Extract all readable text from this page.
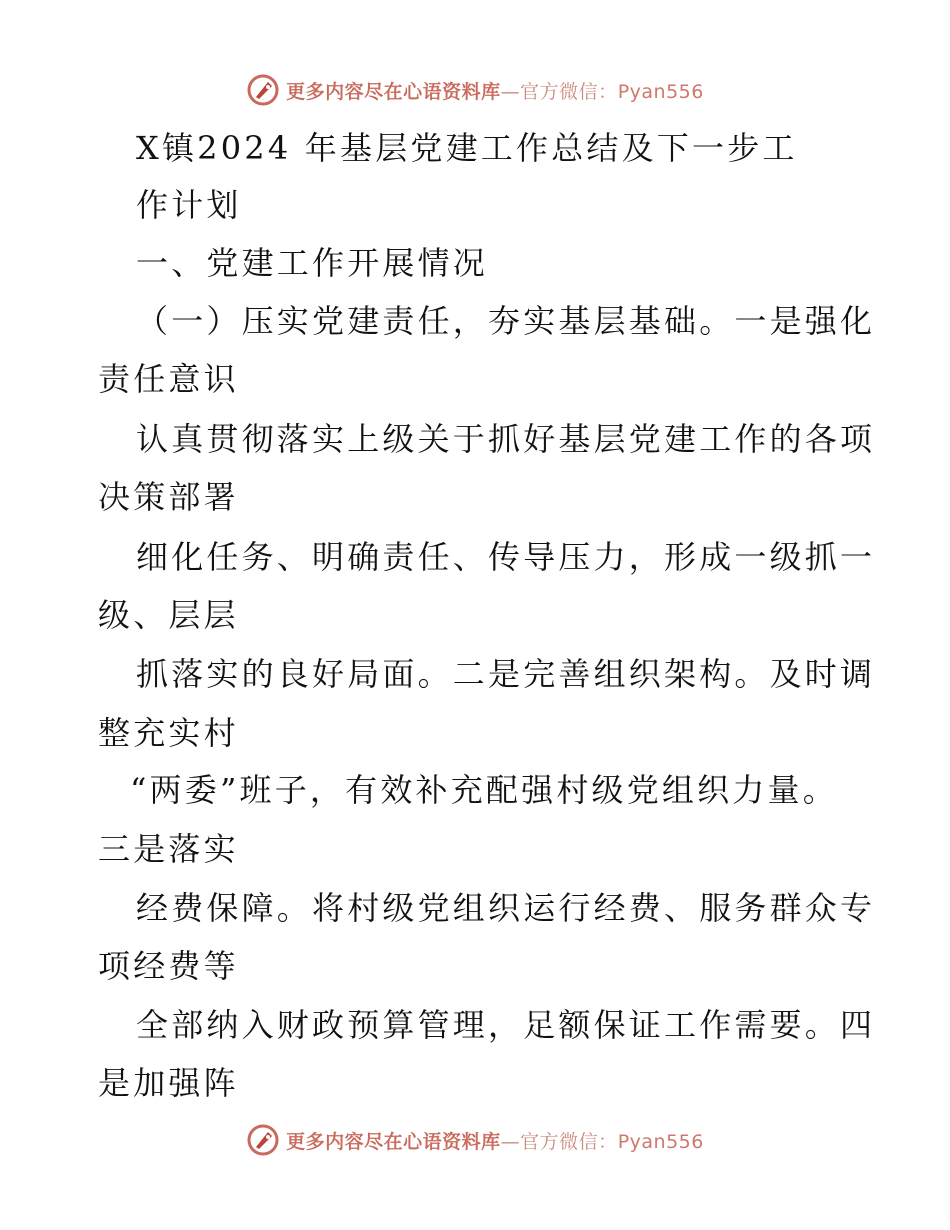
更多内容尽在心语资料库—官方微信：Pyan556
X镇2024 年基层党建工作总结及下一步工
作计划
一、党建工作开展情况
（一）压实党建责任，夯实基层基础。一是强化
责任意识
认真贯彻落实上级关于抓好基层党建工作的各项
决策部署
细化任务、明确责任、传导压力，形成一级抓一
级、层层
抓落实的良好局面。二是完善组织架构。及时调
整充实村
“两委”班子，有效补充配强村级党组织力量。
三是落实
经费保障。将村级党组织运行经费、服务群众专
项经费等
全部纳入财政预算管理，足额保证工作需要。四
是加强阵
更多内容尽在心语资料库—官方微信：Pyan556
